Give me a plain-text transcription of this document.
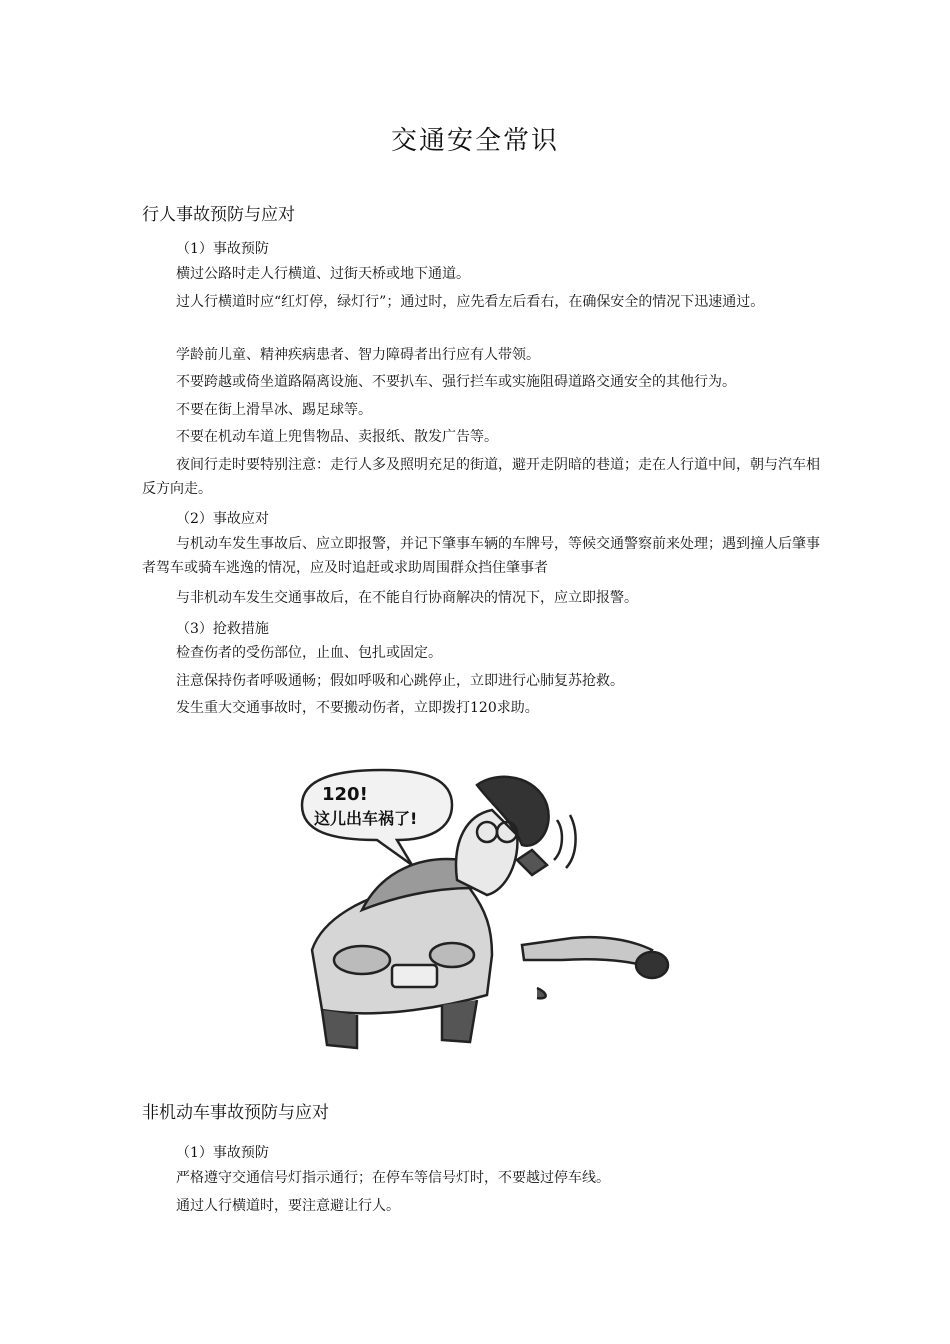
交通安全常识
行人事故预防与应对
（1）事故预防
横过公路时走人行横道、过街天桥或地下通道。
过人行横道时应“红灯停，绿灯行”；通过时，应先看左后看右，在确保安全的情况下迅速通过。
学龄前儿童、精神疾病患者、智力障碍者出行应有人带领。
不要跨越或倚坐道路隔离设施、不要扒车、强行拦车或实施阻碍道路交通安全的其他行为。
不要在街上滑旱冰、踢足球等。
不要在机动车道上兜售物品、卖报纸、散发广告等。
夜间行走时要特别注意：走行人多及照明充足的街道，避开走阴暗的巷道；走在人行道中间，朝与汽车相反方向走。
（2）事故应对
与机动车发生事故后、应立即报警，并记下肇事车辆的车牌号，等候交通警察前来处理；遇到撞人后肇事者驾车或骑车逃逸的情况，应及时追赶或求助周围群众挡住肇事者
与非机动车发生交通事故后，在不能自行协商解决的情况下，应立即报警。
（3）抢救措施
检查伤者的受伤部位，止血、包扎或固定。
注意保持伤者呼吸通畅；假如呼吸和心跳停止，立即进行心肺复苏抢救。
发生重大交通事故时，不要搬动伤者，立即拨打120求助。
120!
这儿出车祸了!
非机动车事故预防与应对
（1）事故预防
严格遵守交通信号灯指示通行；在停车等信号灯时，不要越过停车线。
通过人行横道时，要注意避让行人。
